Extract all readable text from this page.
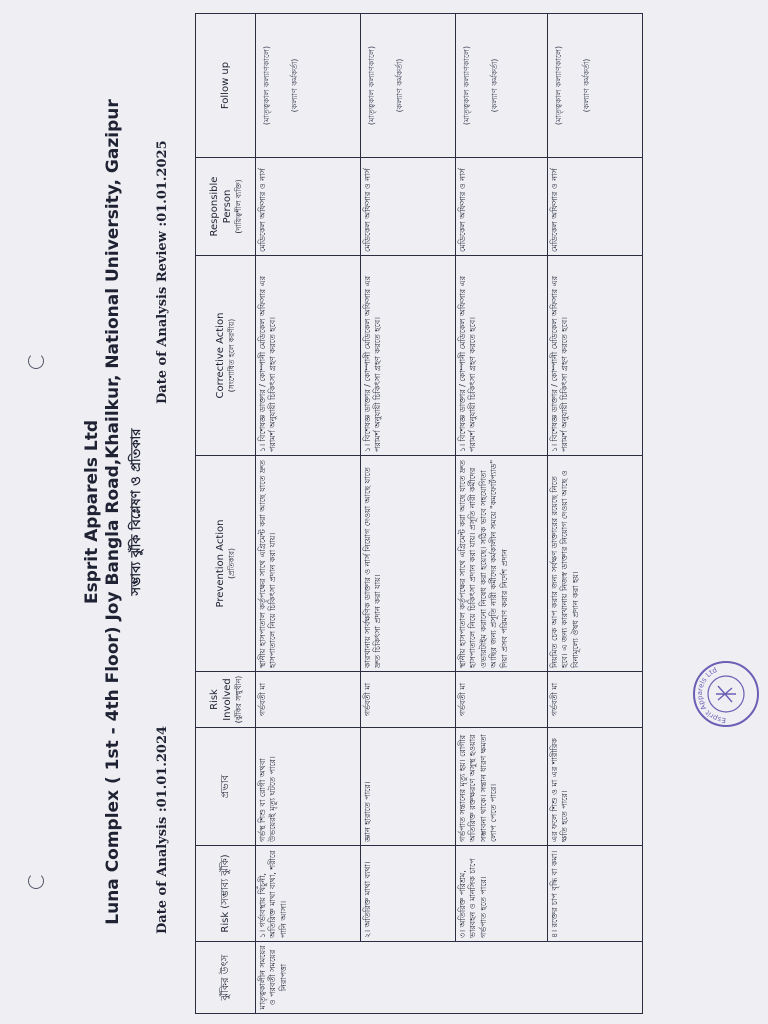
Esprit Apparels Ltd Luna Complex ( 1st - 4th Floor) Joy Bangla Road,Khailkur, National University, Gazipur সম্ভাব্য ঝুঁকি বিশ্লেষণ ও প্রতিকার
Date of Analysis :01.01.2024
Date of Analysis Review :01.01.2025
ঝুঁকির উৎস	Risk (সম্ভাব্য ঝুঁকি)	প্রভাব	Risk Involved (ঝুঁকির সম্মুখীন)	Prevention Action (প্রতিকার)	Corrective Action (সংশোধিত হলে করণীয়)	Responsible Person (দায়িত্বশীল ব্যক্তি)	Follow up
মাতৃত্বকালীন সময়ের ও পরবর্তী সময়ের নিরাপত্তা	১। গর্ভাবস্থায় খিঁচুনী, অতিরিক্ত মাথা ব্যথা, শরীরে পানি আসা।	গর্ভস্থ শিশু বা রোগী অথবা উভয়েরই মৃত্যু ঘটতে পারে।	গর্ভবতী মা	স্থানীয় হাসপাতাল কর্তৃপক্ষের সাথে এগ্রিমেন্ট করা আছে যাতে দ্রুত হাসপাতালে নিয়ে চিকিৎসা প্রদান করা যায়।	১। বিশেষজ্ঞ ডাক্তার / কোম্পানী মেডিকেল অফিসার এর পরামর্শ অনুযায়ী চিকিৎসা গ্রহণ করতে হবে।	মেডিকেল অফিসার ও নার্স	(মাতৃত্বকাল কল্যাণকালে) (কল্যাণ কর্মকর্তা)

	২। অতিরিক্ত মাথা ব্যথা।	জ্ঞান হারাতে পারে।	গর্ভবতী মা	কারখানায় সার্বক্ষণিক ডাক্তার ও নার্স নিয়োগ দেওয়া আছে যাতে দ্রুত চিকিৎসা প্রদান করা যায়।	১। বিশেষজ্ঞ ডাক্তার / কোম্পানী মেডিকেল অফিসার এর পরামর্শ অনুযায়ী চিকিৎসা গ্রহণ করতে হবে।	মেডিকেল অফিসার ও নার্স	(মাতৃত্বকাল কল্যাণকালে) (কল্যাণ কর্মকর্তা)

	৩। অতিরিক্ত পরিশ্রম, ভারবহন ও মানসিক চাপে গর্ভপাত হতে পারে।	গর্ভপাত সন্তানের মৃত্যু হয়। রোগীর অতিরিক্ত রক্তক্ষরণে অসুস্থ হওয়ার সম্ভাবনা থাকে। সন্তান ধারণ ক্ষমতা লোপ পেতে পারে।	গর্ভবতী মা	স্থানীয় হাসপাতাল কর্তৃপক্ষের সাথে এগ্রিমেন্ট করা আছে যাতে দ্রুত হাসপাতালে নিয়ে চিকিৎসা প্রদান করা যায়। প্রসূতি নারী কর্মীদের ওভারটাইম করানো নিষেধ করা হয়েছে। সঠিক ভাবে সহযোগিতা আছির জন্য প্রসূতি নারী কর্মীদের কর্মকালীন সময়ে "কমফোর্টপ্যাড" দিয়া প্রসব পরিমাণ করার নির্দেশ প্রদান	১। বিশেষজ্ঞ ডাক্তার / কোম্পানী মেডিকেল অফিসার এর পরামর্শ অনুযায়ী চিকিৎসা গ্রহণ করতে হবে।	মেডিকেল অফিসার ও নার্স	(মাতৃত্বকাল কল্যাণকালে) (কল্যাণ কর্মকর্তা)

	৪। রক্তের চাপ বৃদ্ধি বা কমা।	এর ফলে শিশু ও মা এর শারীরিক ক্ষতি হতে পারে।	গর্ভবতী মা	নিয়মিত চেক আপ করার জন্য সর্বক্ষণ ডাক্তারের রয়েছে নিতে হবে। এ জন্য কারখানায় নিজস্ব ডাক্তার নিয়োগ দেওয়া আছে ও বিনামূল্যে ঔষধ প্রদান করা হয়।	১। বিশেষজ্ঞ ডাক্তার / কোম্পানী মেডিকেল অফিসার এর পরামর্শ অনুযায়ী চিকিৎসা গ্রহণ করতে হবে।	মেডিকেল অফিসার ও নার্স	(মাতৃত্বকাল কল্যাণকালে) (কল্যাণ কর্মকর্তা)
Esprit Apparels Ltd
